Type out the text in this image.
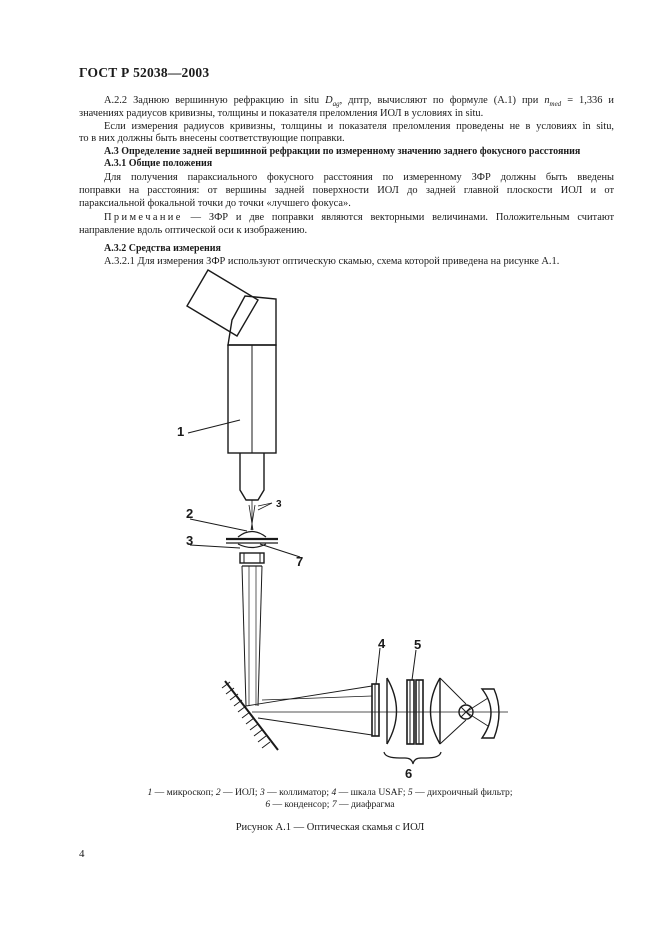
ГОСТ Р 52038—2003
А.2.2 Заднюю вершинную рефракцию in situ $D_{ag}$, дптр, вычисляют по формуле (А.1) при $n_{med} = 1,336$ и
значениях радиусов кривизны, толщины и показателя преломления ИОЛ в условиях in situ.
Если измерения радиусов кривизны, толщины и показателя преломления проведены не в условиях in situ,
то в них должны быть внесены соответствующие поправки.
А.3 Определение задней вершинной рефракции по измеренному значению заднего фокусного расстояния
А.3.1 Общие положения
Для получения параксиального фокусного расстояния по измеренному ЗФР должны быть введены
поправки на расстояния: от вершины задней поверхности ИОЛ до задней главной плоскости ИОЛ и от
параксиальной фокальной точки до точки «лучшего фокуса».
Примечание — ЗФР и две поправки являются векторными величинами. Положительным считают
направление вдоль оптической оси к изображению.
А.3.2 Средства измерения
А.3.2.1 Для измерения ЗФР используют оптическую скамью, схема которой приведена на рисунке А.1.
1
2
3
3
7
4 5
6
1 — микроскоп; 2 — ИОЛ; 3 — коллиматор; 4 — шкала USAF; 5 — дихроичный фильтр;
6 — конденсор; 7 — диафрагма
Рисунок А.1 — Оптическая скамья с ИОЛ
4
